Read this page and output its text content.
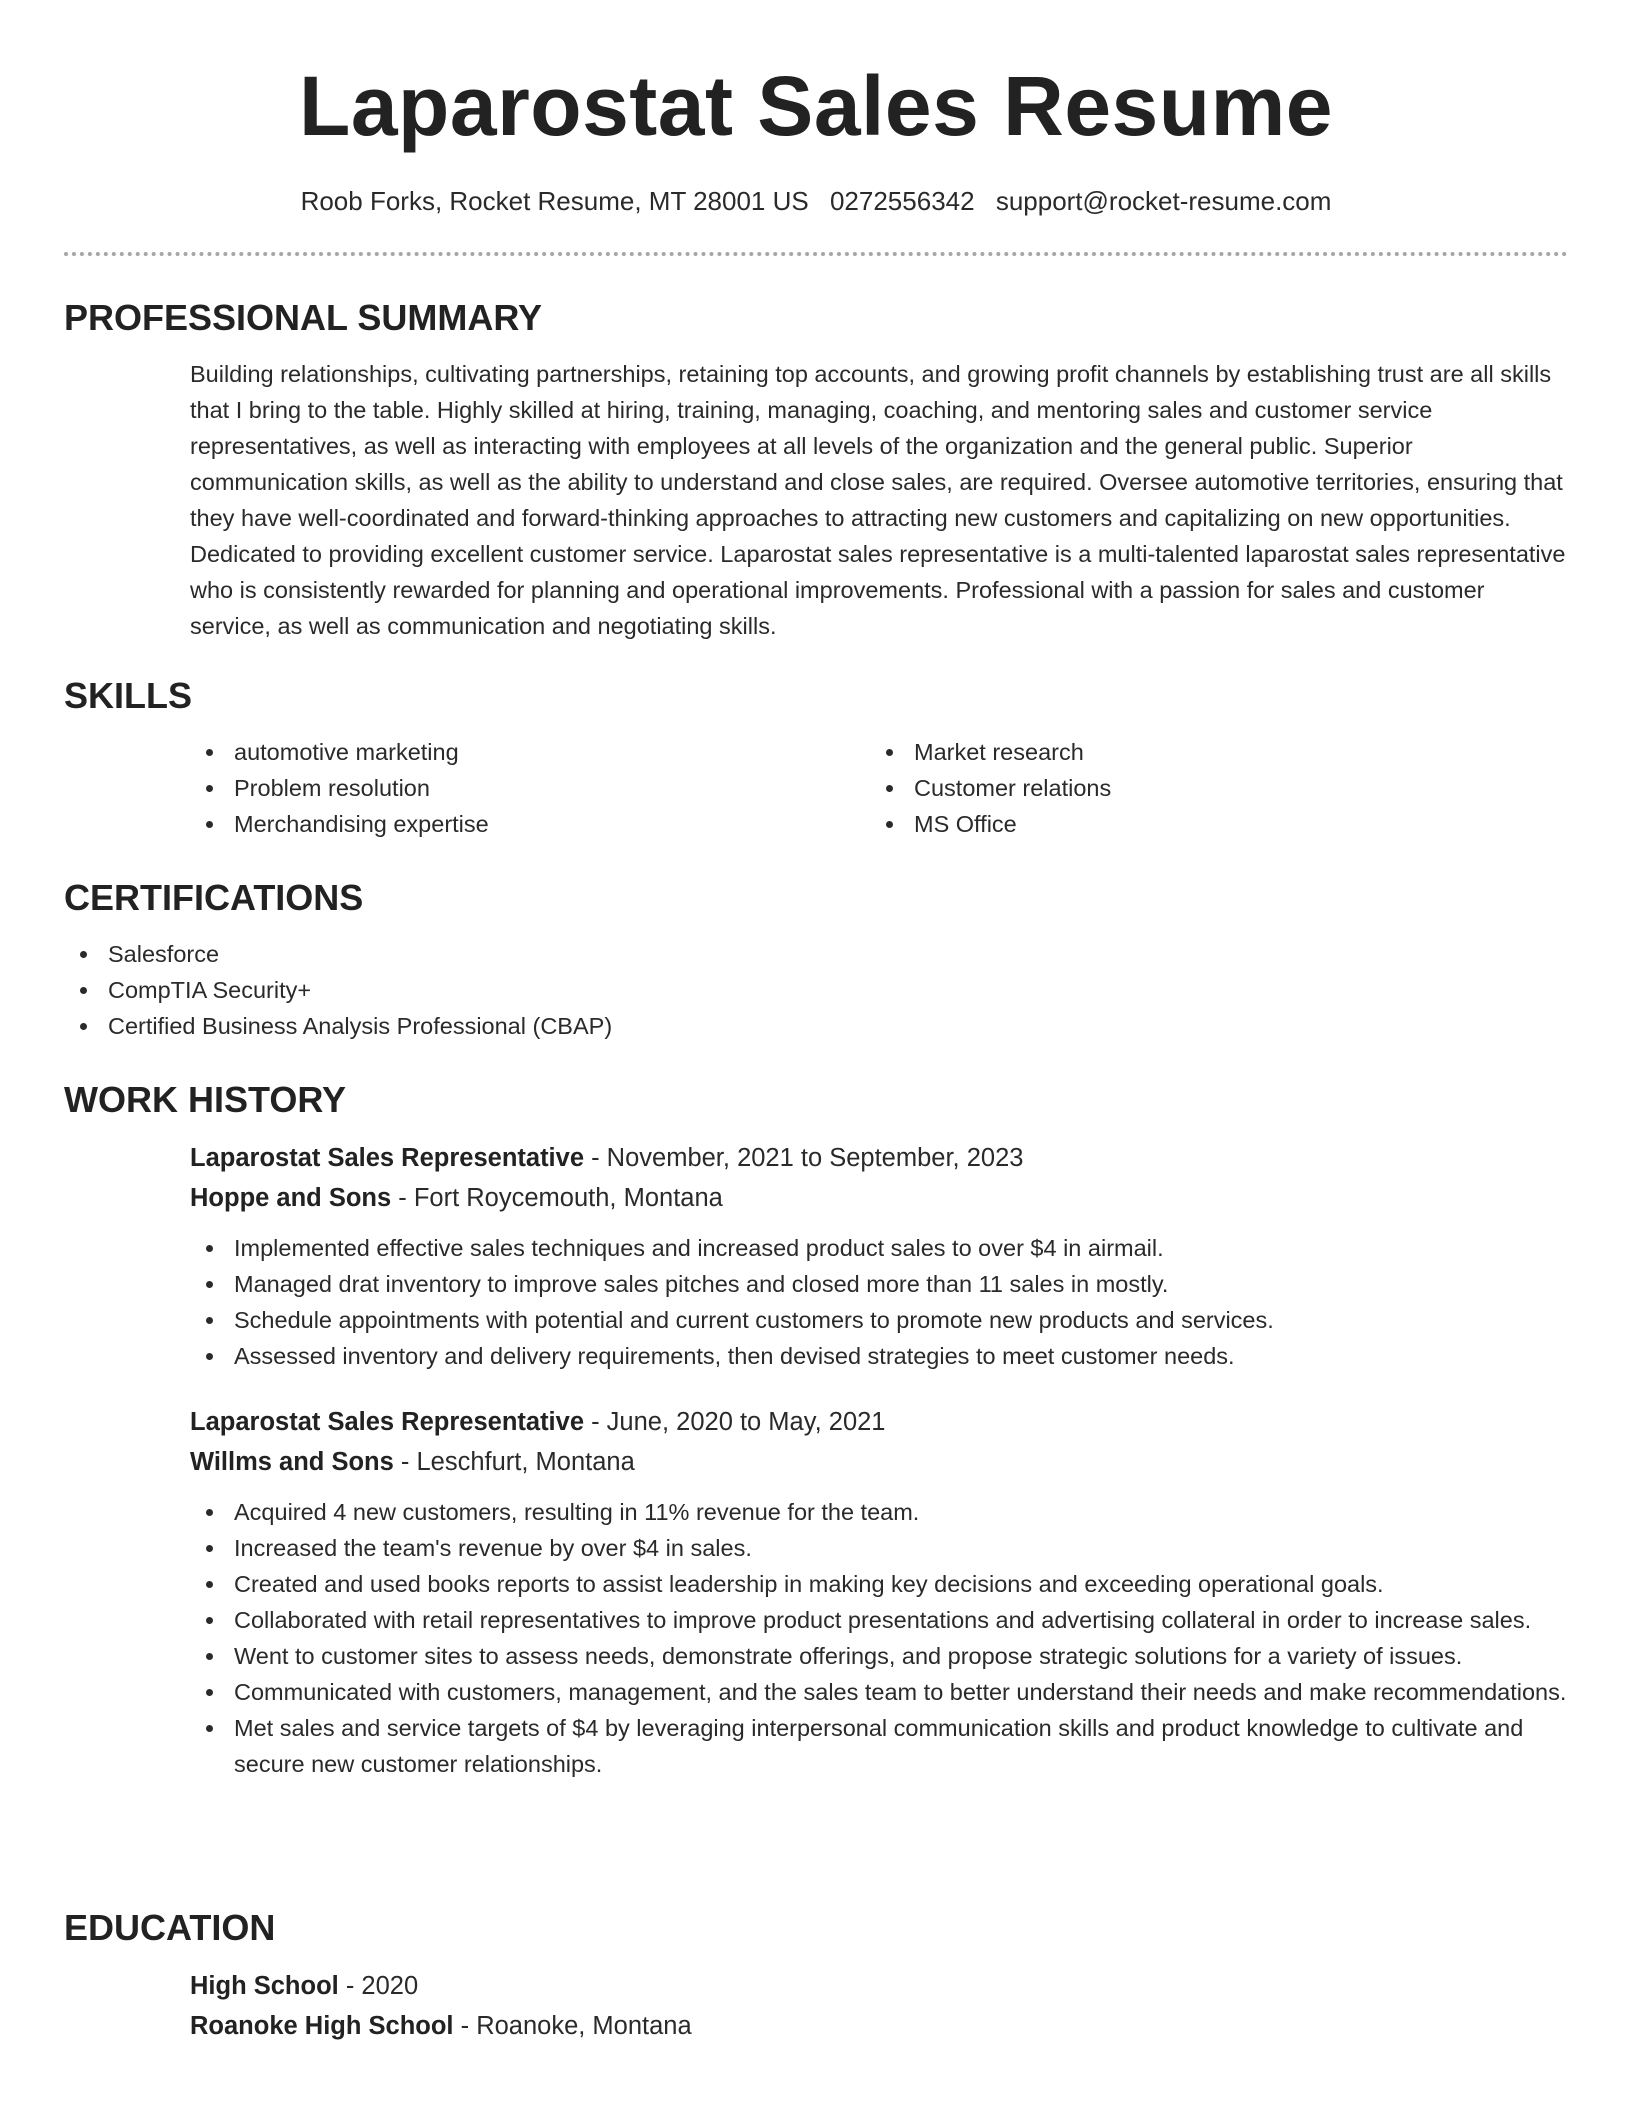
Laparostat Sales Resume
Roob Forks, Rocket Resume, MT 28001 US 0272556342 support@rocket-resume.com
PROFESSIONAL SUMMARY
Building relationships, cultivating partnerships, retaining top accounts, and growing profit channels by establishing trust are all skills that I bring to the table. Highly skilled at hiring, training, managing, coaching, and mentoring sales and customer service representatives, as well as interacting with employees at all levels of the organization and the general public. Superior communication skills, as well as the ability to understand and close sales, are required. Oversee automotive territories, ensuring that they have well-coordinated and forward-thinking approaches to attracting new customers and capitalizing on new opportunities. Dedicated to providing excellent customer service. Laparostat sales representative is a multi-talented laparostat sales representative who is consistently rewarded for planning and operational improvements. Professional with a passion for sales and customer service, as well as communication and negotiating skills.
SKILLS
automotive marketing
Problem resolution
Merchandising expertise
Market research
Customer relations
MS Office
CERTIFICATIONS
Salesforce
CompTIA Security+
Certified Business Analysis Professional (CBAP)
WORK HISTORY
Laparostat Sales Representative - November, 2021 to September, 2023
Hoppe and Sons - Fort Roycemouth, Montana
Implemented effective sales techniques and increased product sales to over $4 in airmail.
Managed drat inventory to improve sales pitches and closed more than 11 sales in mostly.
Schedule appointments with potential and current customers to promote new products and services.
Assessed inventory and delivery requirements, then devised strategies to meet customer needs.
Laparostat Sales Representative - June, 2020 to May, 2021
Willms and Sons - Leschfurt, Montana
Acquired 4 new customers, resulting in 11% revenue for the team.
Increased the team's revenue by over $4 in sales.
Created and used books reports to assist leadership in making key decisions and exceeding operational goals.
Collaborated with retail representatives to improve product presentations and advertising collateral in order to increase sales.
Went to customer sites to assess needs, demonstrate offerings, and propose strategic solutions for a variety of issues.
Communicated with customers, management, and the sales team to better understand their needs and make recommendations.
Met sales and service targets of $4 by leveraging interpersonal communication skills and product knowledge to cultivate and secure new customer relationships.
EDUCATION
High School - 2020
Roanoke High School - Roanoke, Montana
